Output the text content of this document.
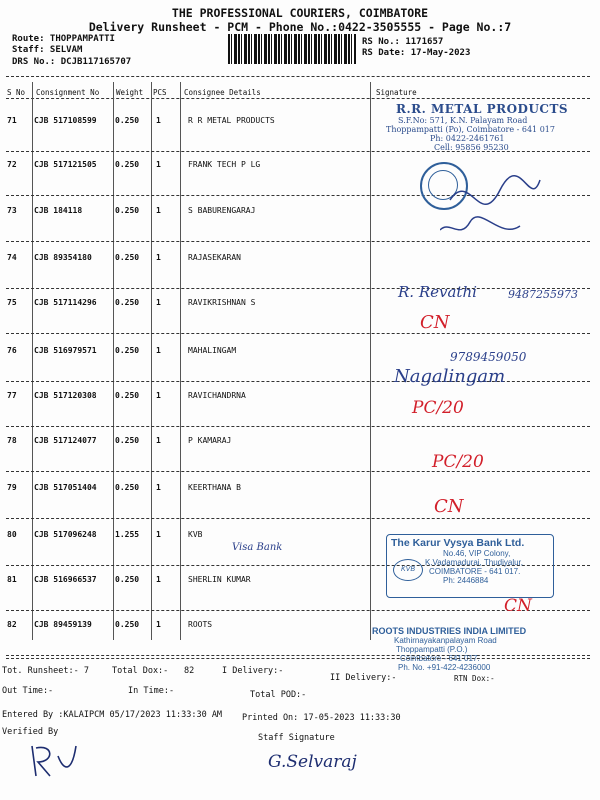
THE PROFESSIONAL COURIERS, COIMBATORE
Delivery Runsheet - PCM - Phone No.:0422-3505555 - Page No.:7
Route: THOPPAMPATTI
Staff: SELVAM
DRS No.: DCJB117165707
RS No.: 1171657
RS Date: 17-May-2023
S No Consignment No Weight PCS Consignee Details	Signature
71 CJB 517108599 0.250 1	R R METAL PRODUCTS
72 CJB 517121505 0.250 1	FRANK TECH P LG
73 CJB 184118	0.250 1	S BABURENGARAJ
74 CJB 89354180	0.250 1	RAJASEKARAN
75 CJB 517114296 0.250 1	RAVIKRISHNAN S
76 CJB 516979571 0.250 1	MAHALINGAM
77 CJB 517120308 0.250 1	RAVICHANDRNA
78 CJB 517124077 0.250 1	P KAMARAJ
79 CJB 517051404 0.250 1	KEERTHANA B
80 CJB 517096248 1.255 1	KVB
81 CJB 516966537 0.250 1	SHERLIN KUMAR
82 CJB 89459139	0.250 1	ROOTS
R.R. METAL PRODUCTS
S.F.No: 571, K.N. Palayam Road
Thoppampatti (Po), Coimbatore - 641 017
Ph: 0422-2461761
Cell: 95856 95230
R. Revathi	9487255973
CN
9789459050
Nagalingam
PC/20
PC/20
CN
Visa Bank	The Karur Vysya Bank Ltd.
No.46, VIP Colony,
K.Vadamadurai, Thudiyalur,
COIMBATORE - 641 017.
Ph: 2446884
KVB
CN
ROOTS INDUSTRIES INDIA LIMITED
Kathirnayakanpalayam Road
Thoppampatti (P.O.)
Coimbatore - 641 017.
Ph. No. +91-422-4236000
Tot. Runsheet:- 7	Total Dox:- 82	I Delivery:-
II Delivery:-	RTN Dox:-
Out Time:-	In Time:-	Total POD:-
Entered By :KALAIPCM 05/17/2023 11:33:30 AM Printed On: 17-05-2023 11:33:30
Verified By
Staff Signature
G.Selvaraj
